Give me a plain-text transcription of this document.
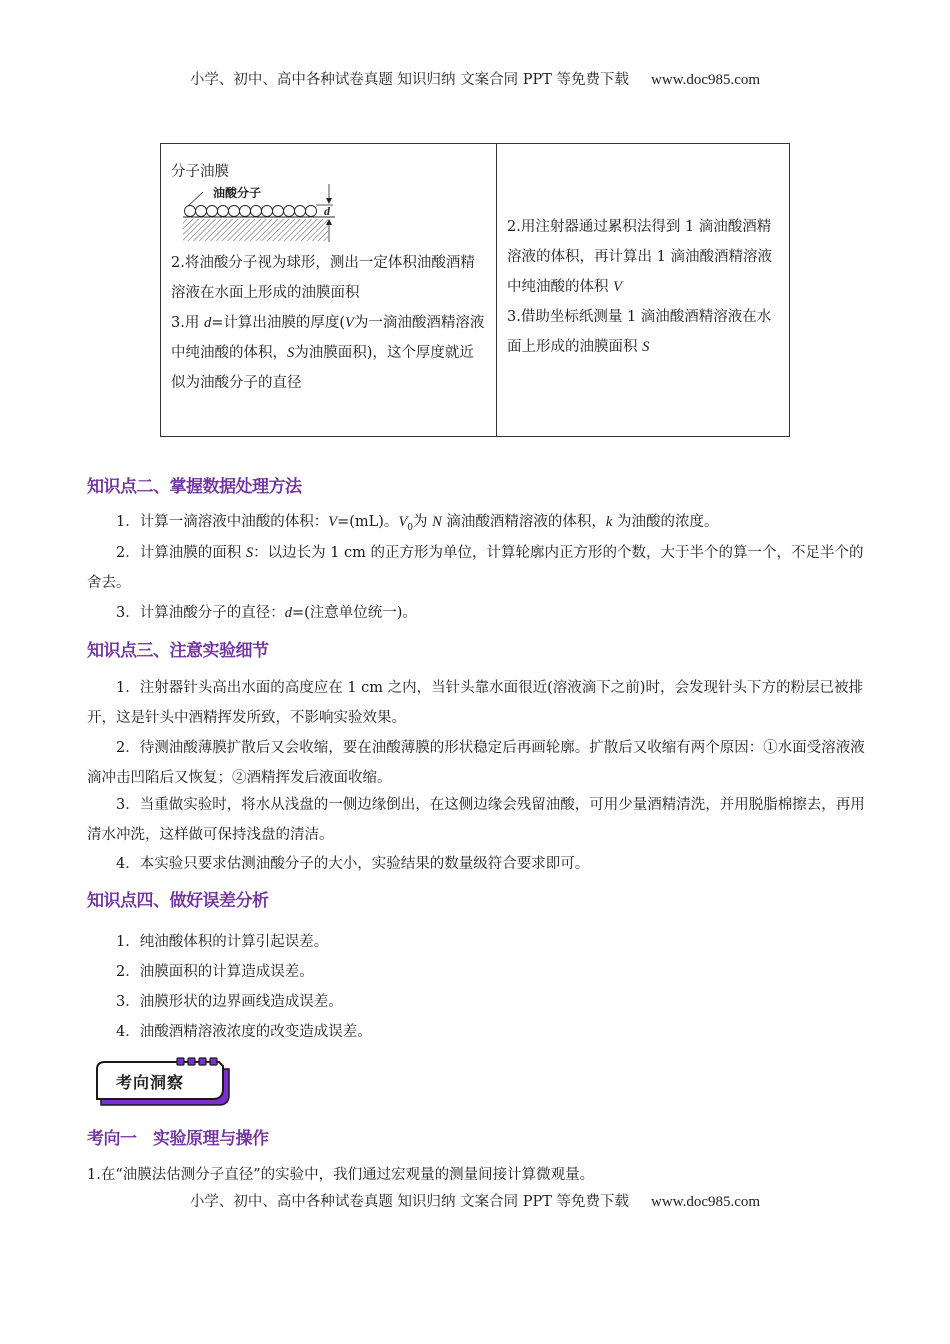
小学、初中、高中各种试卷真题 知识归纳 文案合同 PPT 等免费下载 www.doc985.com
分子油膜
d
油酸分子
2.将油酸分子视为球形，测出一定体积油酸酒精溶液在水面上形成的油膜面积
3.用 d=计算出油膜的厚度(V为一滴油酸酒精溶液中纯油酸的体积，S为油膜面积)，这个厚度就近似为油酸分子的直径
2.用注射器通过累积法得到 1 滴油酸酒精溶液的体积，再计算出 1 滴油酸酒精溶液中纯油酸的体积 V
3.借助坐标纸测量 1 滴油酸酒精溶液在水面上形成的油膜面积 S
知识点二、掌握数据处理方法
1．计算一滴溶液中油酸的体积：V=(mL)。$V_0$为 N 滴油酸酒精溶液的体积，k 为油酸的浓度。
2．计算油膜的面积 S：以边长为 1 cm 的正方形为单位，计算轮廓内正方形的个数，大于半个的算一个，不足半个的舍去。
3．计算油酸分子的直径：d=(注意单位统一)。
知识点三、注意实验细节
1．注射器针头高出水面的高度应在 1 cm 之内，当针头靠水面很近(溶液滴下之前)时，会发现针头下方的粉层已被排开，这是针头中酒精挥发所致，不影响实验效果。
2．待测油酸薄膜扩散后又会收缩，要在油酸薄膜的形状稳定后再画轮廓。扩散后又收缩有两个原因：①水面受溶液液滴冲击凹陷后又恢复；②酒精挥发后液面收缩。
3．当重做实验时，将水从浅盘的一侧边缘倒出，在这侧边缘会残留油酸，可用少量酒精清洗，并用脱脂棉擦去，再用清水冲洗，这样做可保持浅盘的清洁。
4．本实验只要求估测油酸分子的大小，实验结果的数量级符合要求即可。
知识点四、做好误差分析
1．纯油酸体积的计算引起误差。
2．油膜面积的计算造成误差。
3．油膜形状的边界画线造成误差。
4．油酸酒精溶液浓度的改变造成误差。
考向洞察
考向一　实验原理与操作
1.在“油膜法估测分子直径”的实验中，我们通过宏观量的测量间接计算微观量。
小学、初中、高中各种试卷真题 知识归纳 文案合同 PPT 等免费下载 www.doc985.com
